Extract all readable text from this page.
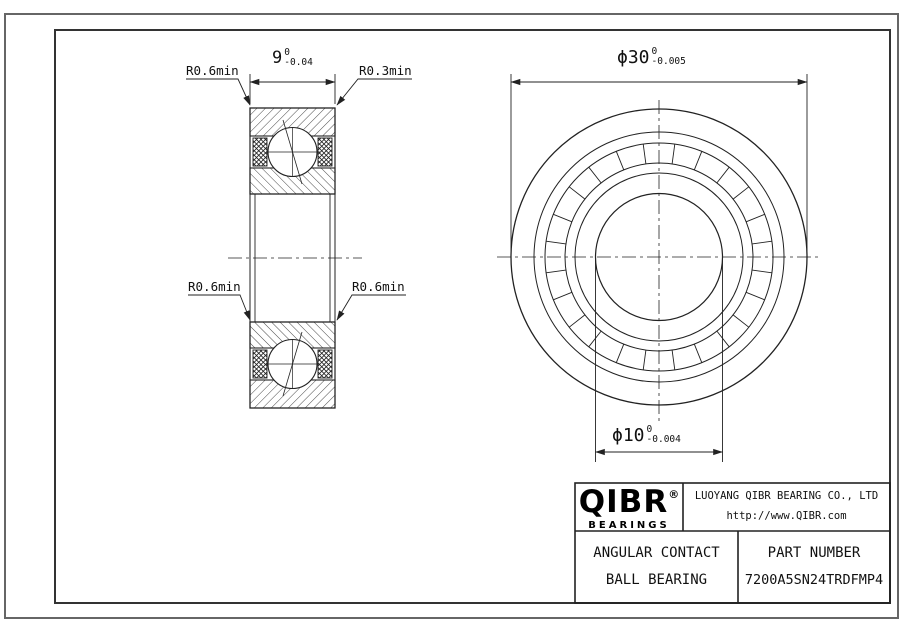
9 0
-0.04
R0.6min	R0.3min
R0.6min	R0.6min
ϕ 30 0
-0.005
ϕ 10 0
-0.004
QIBR®
BEARINGS
LUOYANG QIBR BEARING CO., LTD
http://www.QIBR.com
ANGULAR CONTACT
BALL BEARING
PART NUMBER
7200A5SN24TRDFMP4
